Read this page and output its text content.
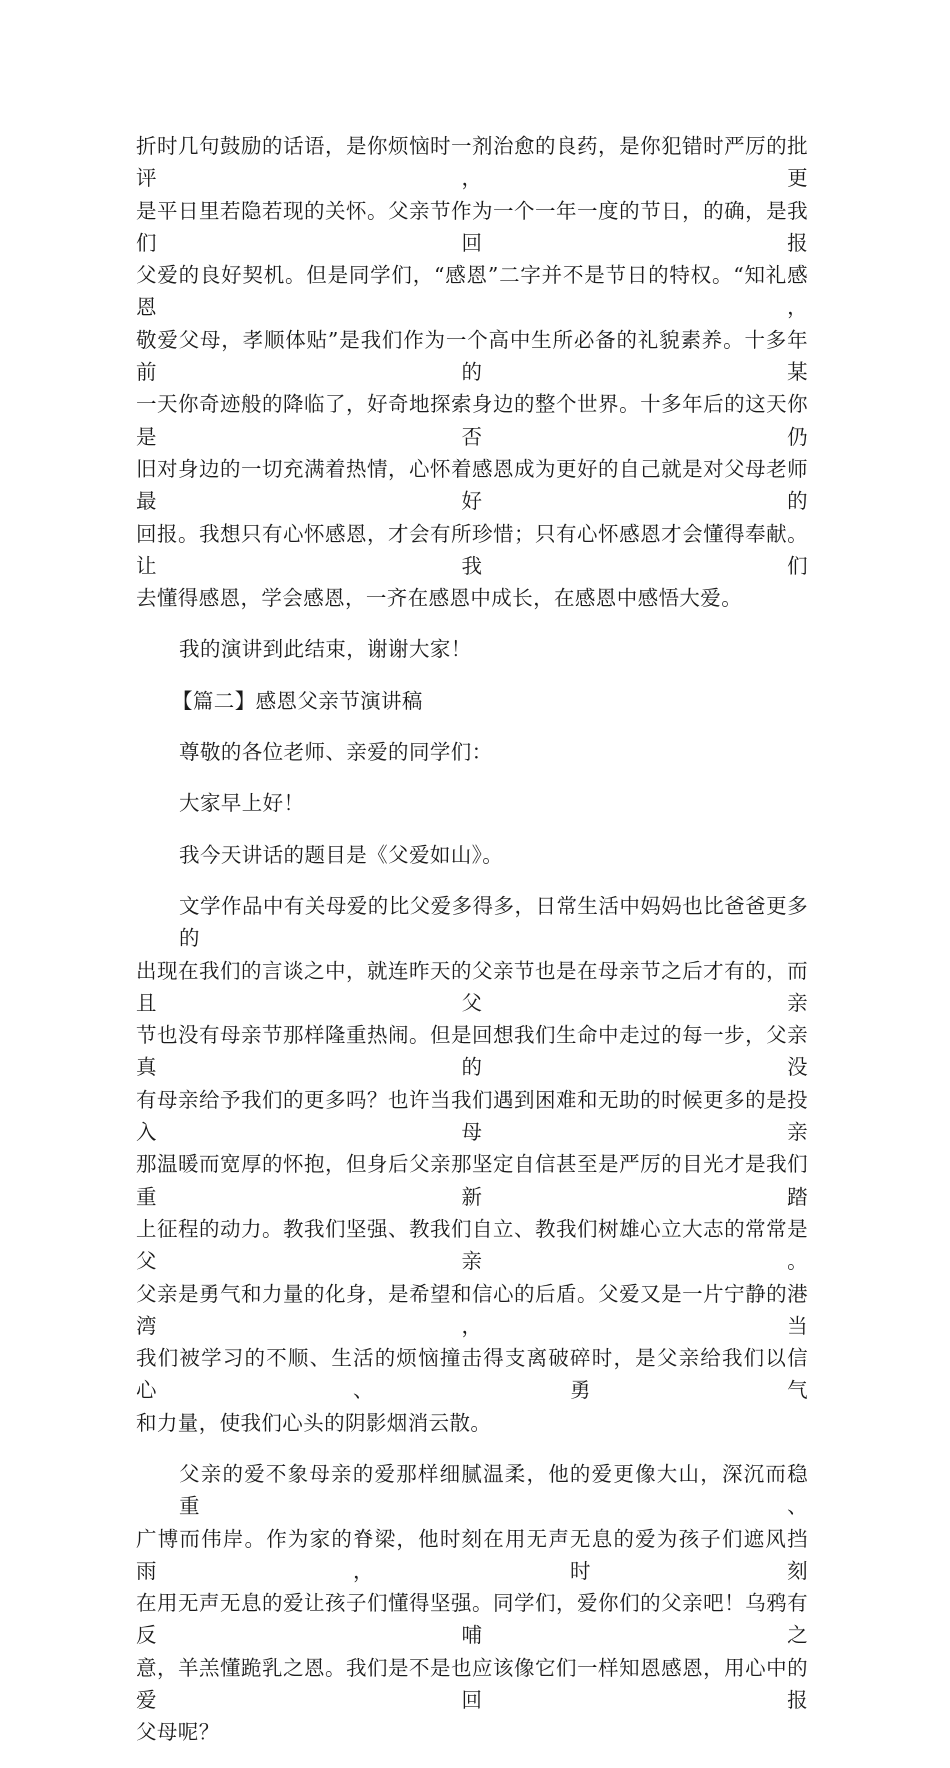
折时几句鼓励的话语，是你烦恼时一剂治愈的良药，是你犯错时严厉的批评，更
是平日里若隐若现的关怀。父亲节作为一个一年一度的节日，的确，是我们回报
父爱的良好契机。但是同学们，“感恩”二字并不是节日的特权。“知礼感恩，
敬爱父母，孝顺体贴”是我们作为一个高中生所必备的礼貌素养。十多年前的某
一天你奇迹般的降临了，好奇地探索身边的整个世界。十多年后的这天你是否仍
旧对身边的一切充满着热情，心怀着感恩成为更好的自己就是对父母老师最好的
回报。我想只有心怀感恩，才会有所珍惜；只有心怀感恩才会懂得奉献。让我们
去懂得感恩，学会感恩，一齐在感恩中成长，在感恩中感悟大爱。

我的演讲到此结束，谢谢大家！

【篇二】感恩父亲节演讲稿

尊敬的各位老师、亲爱的同学们：

大家早上好！

我今天讲话的题目是《父爱如山》。

文学作品中有关母爱的比父爱多得多，日常生活中妈妈也比爸爸更多的
出现在我们的言谈之中，就连昨天的父亲节也是在母亲节之后才有的，而且父亲
节也没有母亲节那样隆重热闹。但是回想我们生命中走过的每一步，父亲真的没
有母亲给予我们的更多吗？也许当我们遇到困难和无助的时候更多的是投入母亲
那温暖而宽厚的怀抱，但身后父亲那坚定自信甚至是严厉的目光才是我们重新踏
上征程的动力。教我们坚强、教我们自立、教我们树雄心立大志的常常是父亲。
父亲是勇气和力量的化身，是希望和信心的后盾。父爱又是一片宁静的港湾，当
我们被学习的不顺、生活的烦恼撞击得支离破碎时，是父亲给我们以信心、勇气
和力量，使我们心头的阴影烟消云散。
父亲的爱不象母亲的爱那样细腻温柔，他的爱更像大山，深沉而稳重、
广博而伟岸。作为家的脊梁，他时刻在用无声无息的爱为孩子们遮风挡雨，时刻
在用无声无息的爱让孩子们懂得坚强。同学们，爱你们的父亲吧！乌鸦有反哺之
意，羊羔懂跪乳之恩。我们是不是也应该像它们一样知恩感恩，用心中的爱回报
父母呢？
